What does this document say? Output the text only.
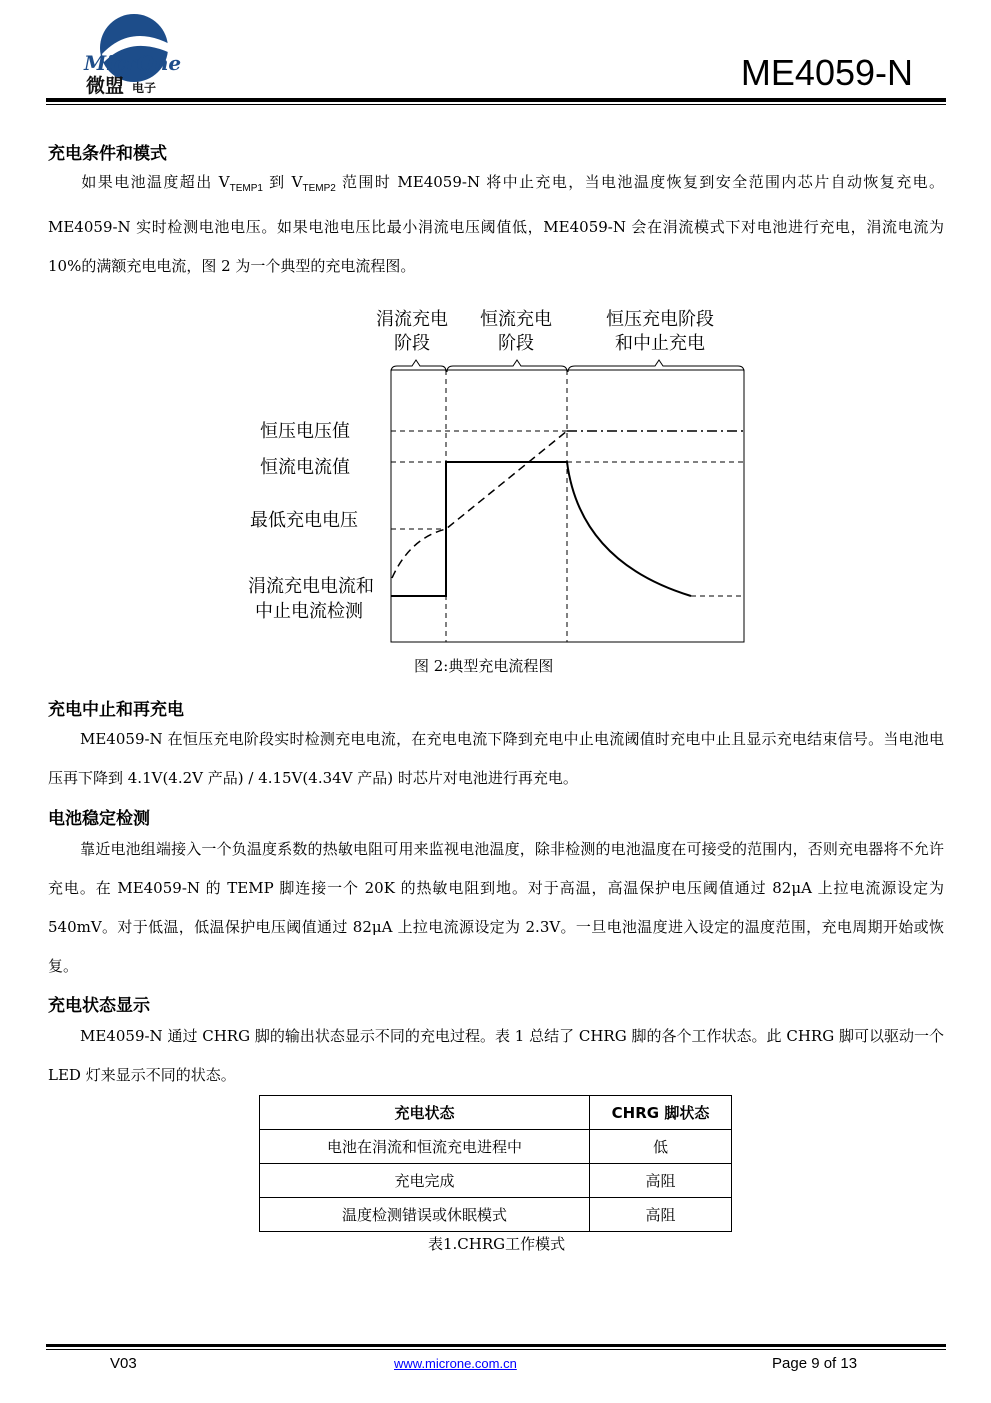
MicrOne
微盟 电子	ME4059-N
充电条件和模式

如果电池温度超出 $V_{TEMP1}$ 到 $V_{TEMP2}$ 范围时 ME4059-N 将中止充电，当电池温度恢复到安全范围内芯片自动恢复充电。ME4059-N 实时检测电池电压。如果电池电压比最小涓流电压阈值低，ME4059-N 会在涓流模式下对电池进行充电，涓流电流为 10%的满额充电电流，图 2 为一个典型的充电流程图。

涓流充电
阶段
恒流充电
阶段
恒压充电阶段
和中止充电
恒压电压值
恒流电流值
最低充电电压
涓流充电电流和
中止电流检测
图 2:典型充电流程图
充电中止和再充电

ME4059-N 在恒压充电阶段实时检测充电电流，在充电电流下降到充电中止电流阈值时充电中止且显示充电结束信号。当电池电压再下降到 4.1V(4.2V 产品) / 4.15V(4.34V 产品) 时芯片对电池进行再充电。

电池稳定检测

靠近电池组端接入一个负温度系数的热敏电阻可用来监视电池温度，除非检测的电池温度在可接受的范围内，否则充电器将不允许充电。在 ME4059-N 的 TEMP 脚连接一个 20K 的热敏电阻到地。对于高温，高温保护电压阈值通过 82μA 上拉电流源设定为 540mV。对于低温，低温保护电压阈值通过 82μA 上拉电流源设定为 2.3V。一旦电池温度进入设定的温度范围，充电周期开始或恢复。

充电状态显示

ME4059-N 通过 CHRG 脚的输出状态显示不同的充电过程。表 1 总结了 CHRG 脚的各个工作状态。此 CHRG 脚可以驱动一个 LED 灯来显示不同的状态。

充电状态	CHRG 脚状态
电池在涓流和恒流充电进程中	低
充电完成	高阻
温度检测错误或休眠模式	高阻
表1.CHRG工作模式
V03	www.microne.com.cn	Page 9 of 13
